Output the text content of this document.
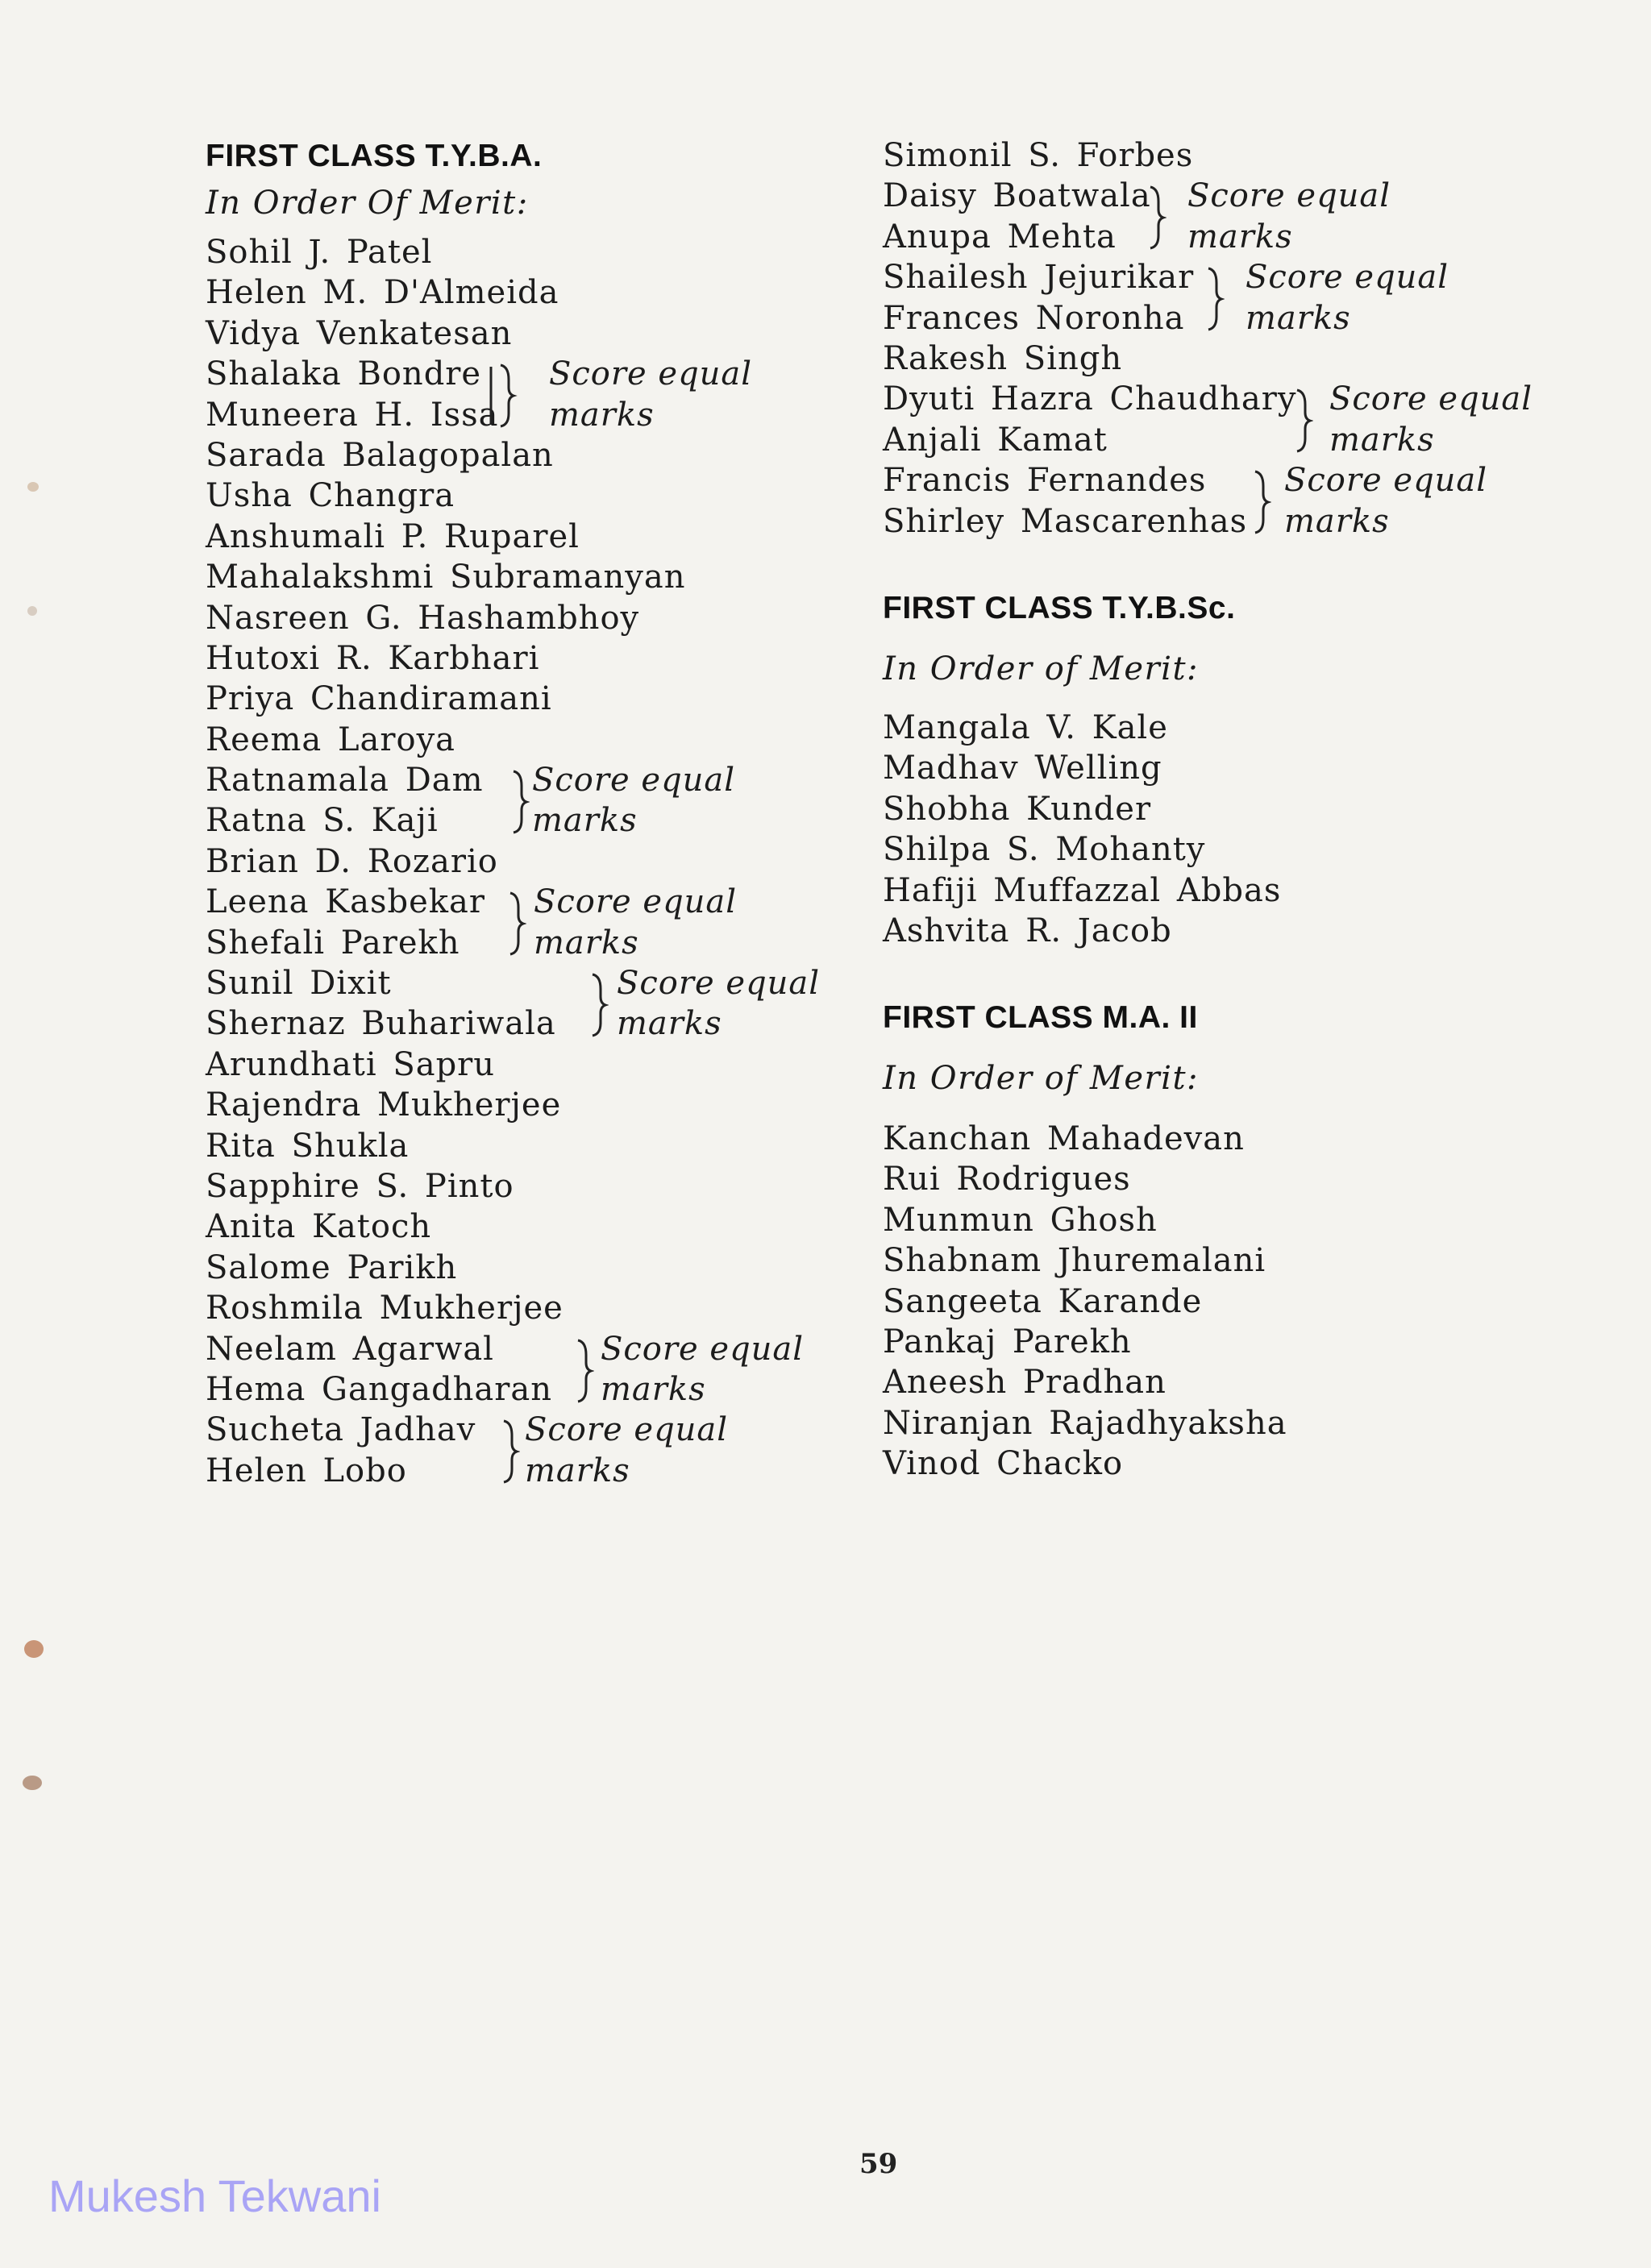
FIRST CLASS T.Y.B.A.
In Order Of Merit:
Sohil J. Patel
Helen M. D'Almeida
Vidya Venkatesan
Shalaka Bondre
Muneera H. Issa
Score equal
marks
Sarada Balagopalan
Usha Changra
Anshumali P. Ruparel
Mahalakshmi Subramanyan
Nasreen G. Hashambhoy
Hutoxi R. Karbhari
Priya Chandiramani
Reema Laroya
Ratnamala Dam
Ratna S. Kaji
Score equal
marks
Brian D. Rozario
Leena Kasbekar
Shefali Parekh
Score equal
marks
Sunil Dixit
Shernaz Buhariwala
Score equal
marks
Arundhati Sapru
Rajendra Mukherjee
Rita Shukla
Sapphire S. Pinto
Anita Katoch
Salome Parikh
Roshmila Mukherjee
Neelam Agarwal
Hema Gangadharan
Score equal
marks
Sucheta Jadhav
Helen Lobo
Score equal
marks
Simonil S. Forbes
Daisy Boatwala
Anupa Mehta
Score equal
marks
Shailesh Jejurikar
Frances Noronha
Score equal
marks
Rakesh Singh
Dyuti Hazra Chaudhary
Anjali Kamat
Score equal
marks
Francis Fernandes
Shirley Mascarenhas
Score equal
marks
FIRST CLASS T.Y.B.Sc.
In Order of Merit:
Mangala V. Kale
Madhav Welling
Shobha Kunder
Shilpa S. Mohanty
Hafiji Muffazzal Abbas
Ashvita R. Jacob
FIRST CLASS M.A. II
In Order of Merit:
Kanchan Mahadevan
Rui Rodrigues
Munmun Ghosh
Shabnam Jhuremalani
Sangeeta Karande
Pankaj Parekh
Aneesh Pradhan
Niranjan Rajadhyaksha
Vinod Chacko
59
Mukesh Tekwani
